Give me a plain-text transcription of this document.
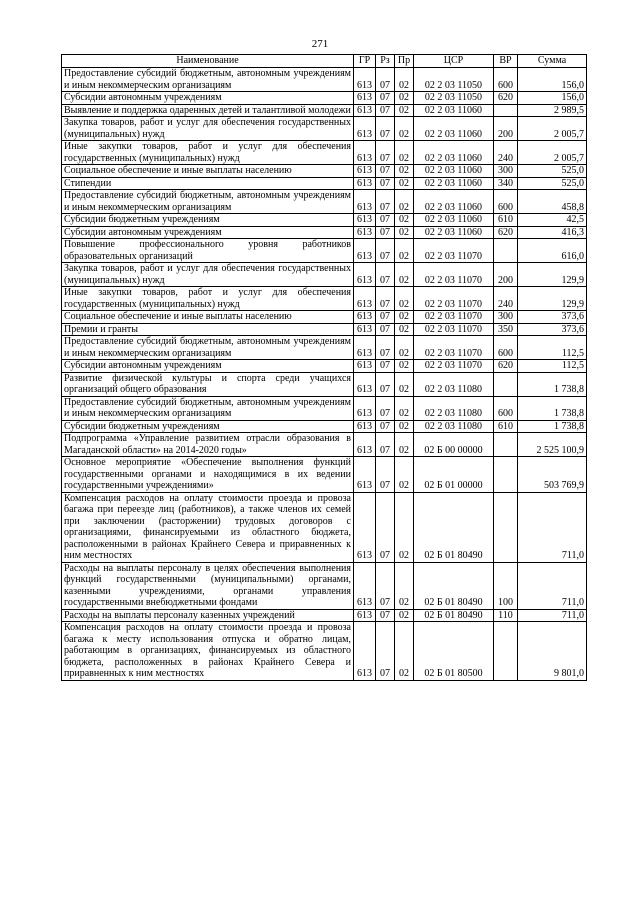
271
Наименование	ГР	Рз	Пр	ЦСР	ВР	Сумма
Предоставление субсидий бюджетным, автономным учреждениям и иным некоммерческим организациям	613	07	02	02 2 03 11050	600	156,0
Субсидии автономным учреждениям	613	07	02	02 2 03 11050	620	156,0
Выявление и поддержка одаренных детей и талантливой молодежи	613	07	02	02 2 03 11060		2 989,5
Закупка товаров, работ и услуг для обеспечения государственных (муниципальных) нужд	613	07	02	02 2 03 11060	200	2 005,7
Иные закупки товаров, работ и услуг для обеспечения государственных (муниципальных) нужд	613	07	02	02 2 03 11060	240	2 005,7
Социальное обеспечение и иные выплаты населению	613	07	02	02 2 03 11060	300	525,0
Стипендии	613	07	02	02 2 03 11060	340	525,0
Предоставление субсидий бюджетным, автономным учреждениям и иным некоммерческим организациям	613	07	02	02 2 03 11060	600	458,8
Субсидии бюджетным учреждениям	613	07	02	02 2 03 11060	610	42,5
Субсидии автономным учреждениям	613	07	02	02 2 03 11060	620	416,3
Повышение профессионального уровня работников образовательных организаций	613	07	02	02 2 03 11070		616,0
Закупка товаров, работ и услуг для обеспечения государственных (муниципальных) нужд	613	07	02	02 2 03 11070	200	129,9
Иные закупки товаров, работ и услуг для обеспечения государственных (муниципальных) нужд	613	07	02	02 2 03 11070	240	129,9
Социальное обеспечение и иные выплаты населению	613	07	02	02 2 03 11070	300	373,6
Премии и гранты	613	07	02	02 2 03 11070	350	373,6
Предоставление субсидий бюджетным, автономным учреждениям и иным некоммерческим организациям	613	07	02	02 2 03 11070	600	112,5
Субсидии автономным учреждениям	613	07	02	02 2 03 11070	620	112,5
Развитие физической культуры и спорта среди учащихся организаций общего образования	613	07	02	02 2 03 11080		1 738,8
Предоставление субсидий бюджетным, автономным учреждениям и иным некоммерческим организациям	613	07	02	02 2 03 11080	600	1 738,8
Субсидии бюджетным учреждениям	613	07	02	02 2 03 11080	610	1 738,8
Подпрограмма «Управление развитием отрасли образования в Магаданской области» на 2014-2020 годы»	613	07	02	02 Б 00 00000		2 525 100,9
Основное мероприятие «Обеспечение выполнения функций государственными органами и находящимися в их ведении государственными учреждениями»	613	07	02	02 Б 01 00000		503 769,9
Компенсация расходов на оплату стоимости проезда и провоза багажа при переезде лиц (работников), а также членов их семей при заключении (расторжении) трудовых договоров с организациями, финансируемыми из областного бюджета, расположенными в районах Крайнего Севера и приравненных к ним местностях	613	07	02	02 Б 01 80490		711,0
Расходы на выплаты персоналу в целях обеспечения выполнения функций государственными (муниципальными) органами, казенными учреждениями, органами управления государственными внебюджетными фондами	613	07	02	02 Б 01 80490	100	711,0
Расходы на выплаты персоналу казенных учреждений	613	07	02	02 Б 01 80490	110	711,0
Компенсация расходов на оплату стоимости проезда и провоза багажа к месту использования отпуска и обратно лицам, работающим в организациях, финансируемых из областного бюджета, расположенных в районах Крайнего Севера и приравненных к ним местностях	613	07	02	02 Б 01 80500		9 801,0
